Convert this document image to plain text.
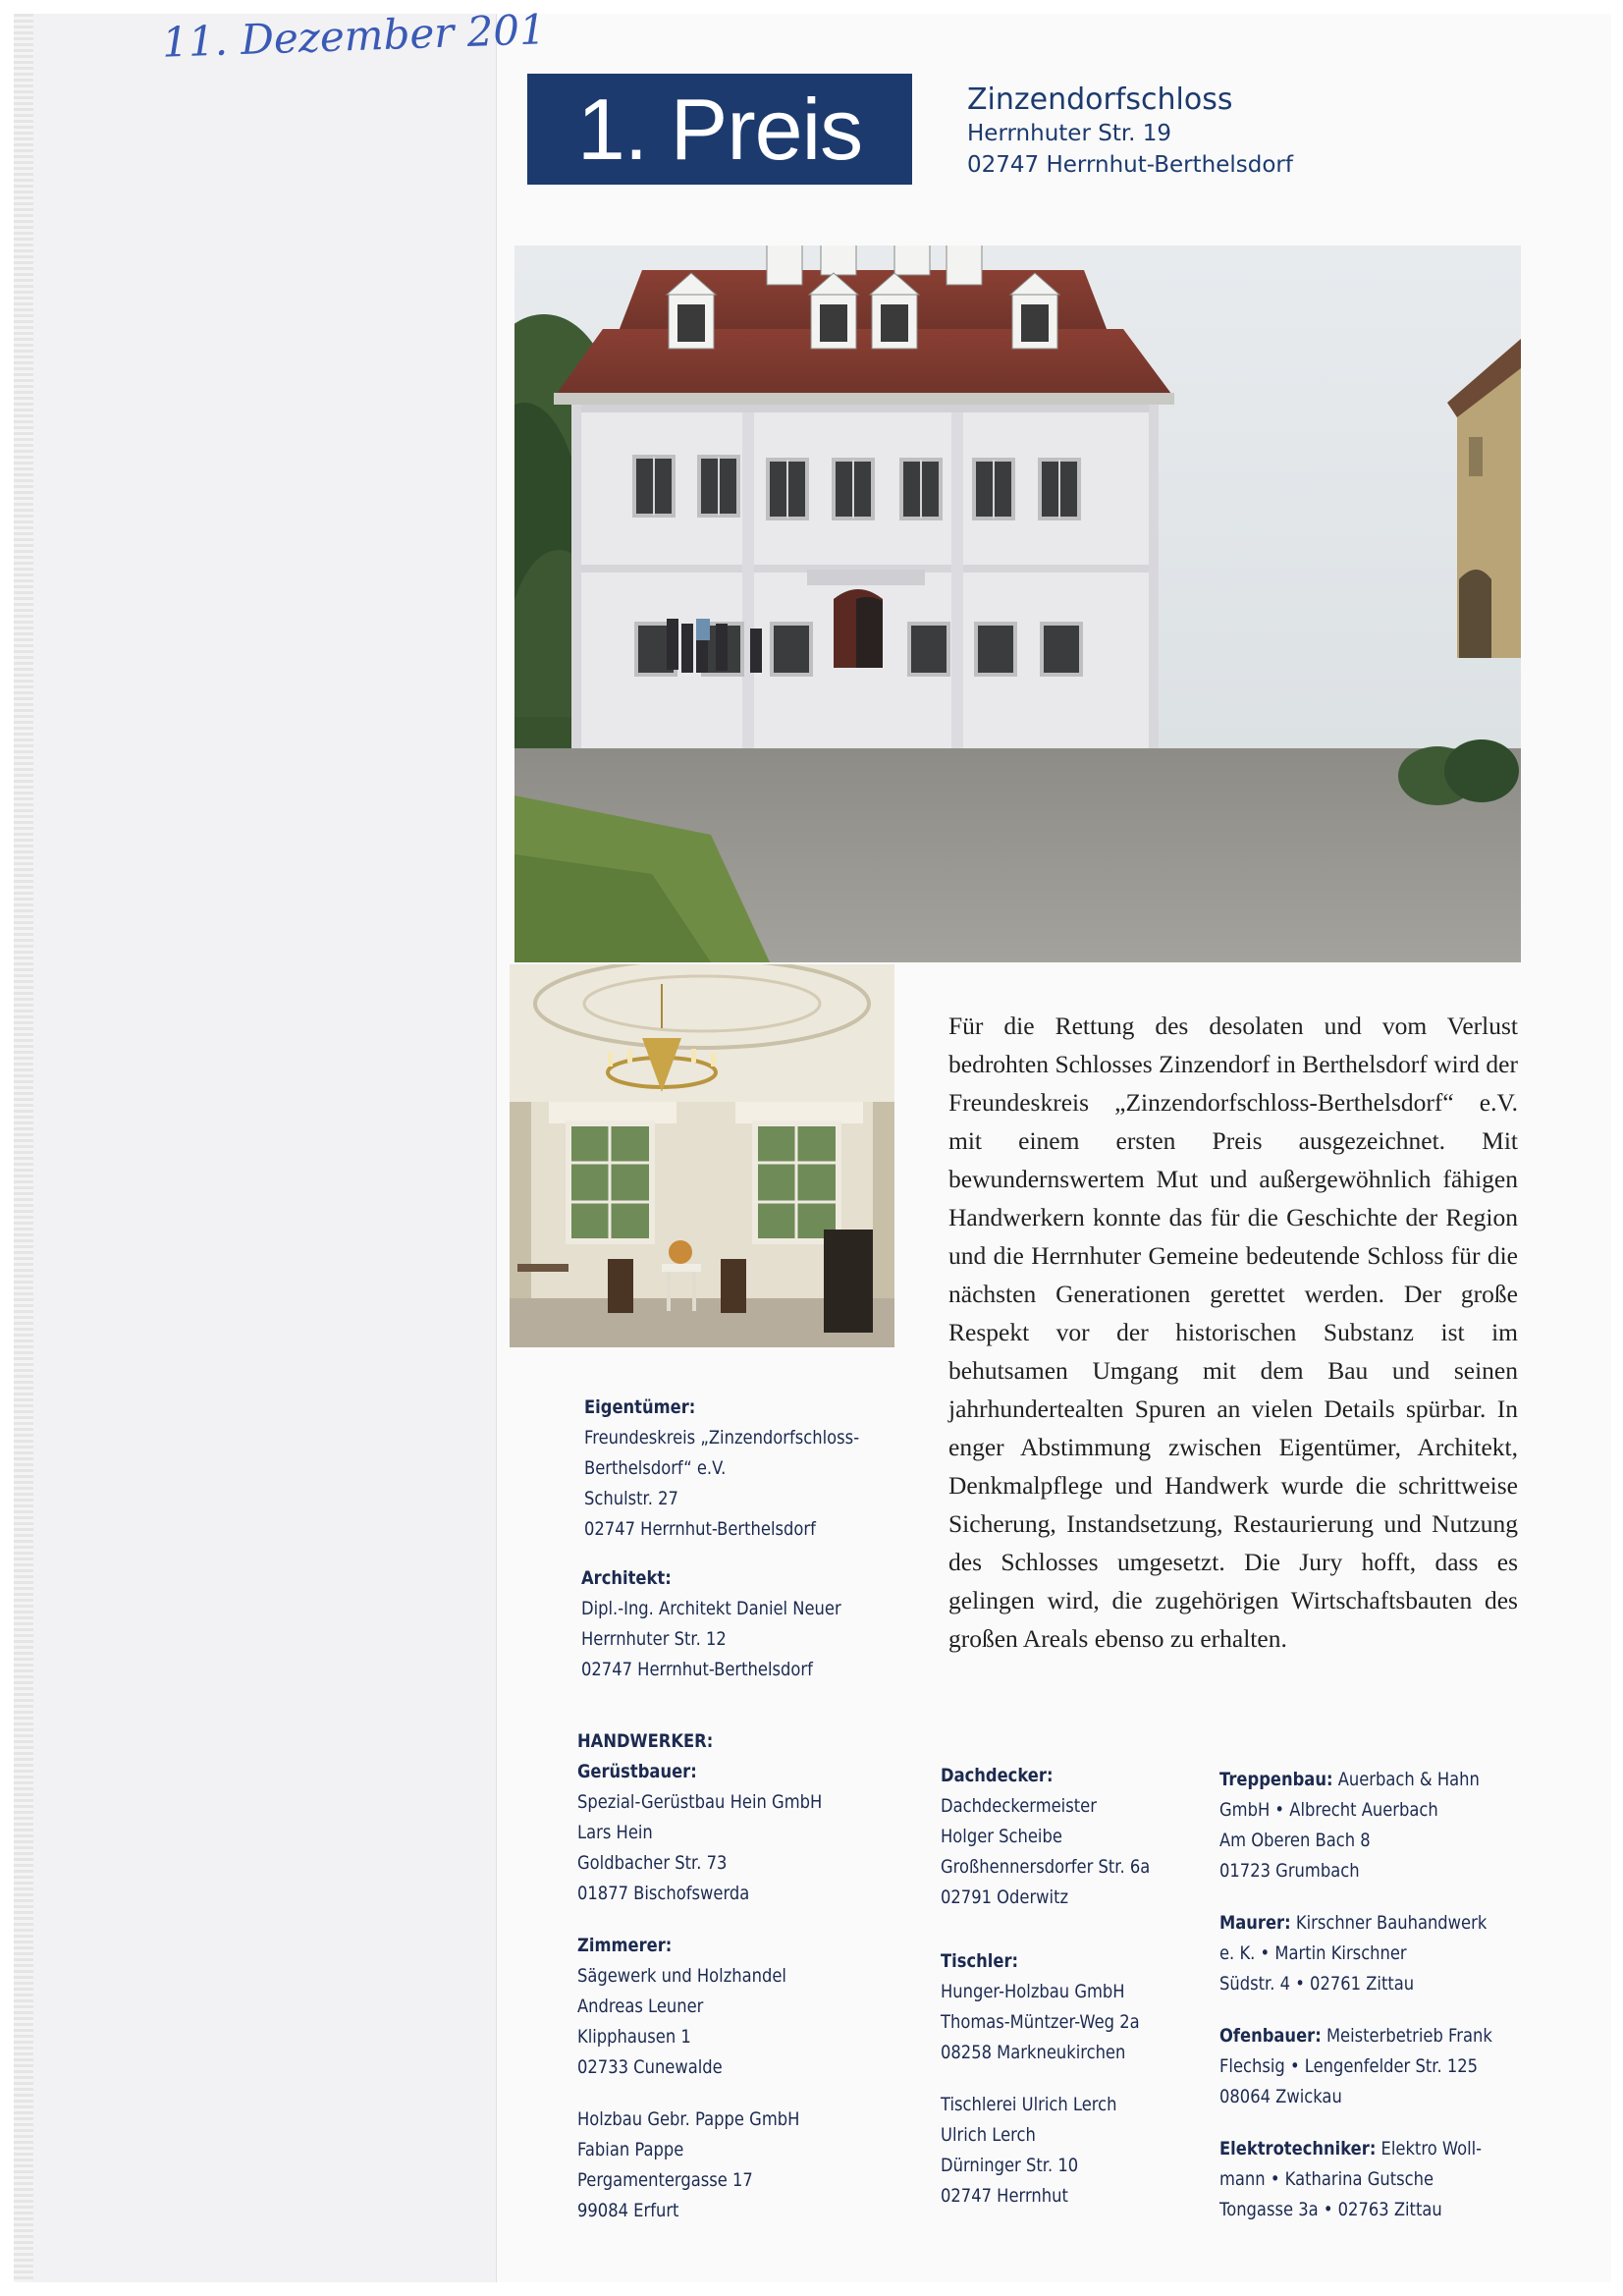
11. Dezember 201
1. Preis	Zinzendorfschloss
Herrnhuter Str. 19
02747 Herrnhut-Berthelsdorf
Für die Rettung des desolaten und vom Verlust bedrohten Schlosses Zinzendorf in Berthelsdorf wird der Freundeskreis „Zinzendorfschloss-Berthelsdorf“ e.V. mit einem ersten Preis ausgezeichnet. Mit bewundernswertem Mut und außergewöhnlich fähigen Handwerkern konnte das für die Geschichte der Region und die Herrnhuter Gemeine bedeutende Schloss für die nächsten Generationen gerettet werden. Der große Respekt vor der historischen Substanz ist im behutsamen Umgang mit dem Bau und seinen jahrhundertealten Spuren an vielen Details spürbar. In enger Abstimmung zwischen Eigentümer, Architekt, Denkmalpflege und Handwerk wurde die schrittweise Sicherung, Instandsetzung, Restaurierung und Nutzung des Schlosses umgesetzt. Die Jury hofft, dass es gelingen wird, die zugehörigen Wirtschaftsbauten des großen Areals ebenso zu erhalten.
Eigentümer:
Freundeskreis „Zinzendorfschloss-
Berthelsdorf“ e.V.
Schulstr. 27
02747 Herrnhut-Berthelsdorf
Architekt:
Dipl.-Ing. Architekt Daniel Neuer
Herrnhuter Str. 12
02747 Herrnhut-Berthelsdorf
HANDWERKER:
Gerüstbauer:
Spezial-Gerüstbau Hein GmbH
Lars Hein
Goldbacher Str. 73
01877 Bischofswerda
Zimmerer:
Sägewerk und Holzhandel
Andreas Leuner
Klipphausen 1
02733 Cunewalde
Holzbau Gebr. Pappe GmbH
Fabian Pappe
Pergamentergasse 17
99084 Erfurt
Dachdecker:
Dachdeckermeister
Holger Scheibe
Großhennersdorfer Str. 6a
02791 Oderwitz
Tischler:
Hunger-Holzbau GmbH
Thomas-Müntzer-Weg 2a
08258 Markneukirchen
Tischlerei Ulrich Lerch
Ulrich Lerch
Dürninger Str. 10
02747 Herrnhut
Treppenbau: Auerbach & Hahn
GmbH • Albrecht Auerbach
Am Oberen Bach 8
01723 Grumbach
Maurer: Kirschner Bauhandwerk
e. K. • Martin Kirschner
Südstr. 4 • 02761 Zittau
Ofenbauer: Meisterbetrieb Frank
Flechsig • Lengenfelder Str. 125
08064 Zwickau
Elektrotechniker: Elektro Woll-
mann • Katharina Gutsche
Tongasse 3a • 02763 Zittau
